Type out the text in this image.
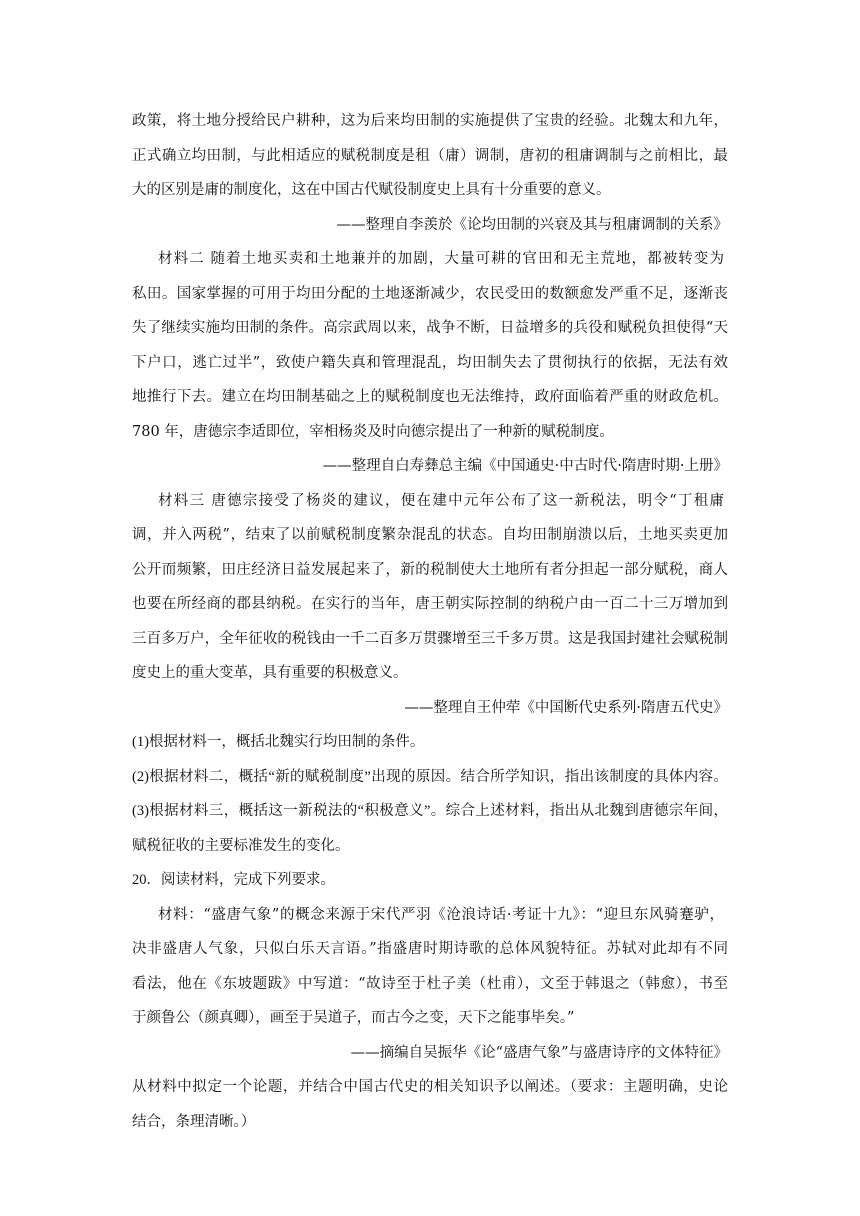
政策，将土地分授给民户耕种，这为后来均田制的实施提供了宝贵的经验。北魏太和九年，
正式确立均田制，与此相适应的赋税制度是租（庸）调制，唐初的租庸调制与之前相比，最
大的区别是庸的制度化，这在中国古代赋役制度史上具有十分重要的意义。
——整理自李羡於《论均田制的兴衰及其与租庸调制的关系》
材料二 随着土地买卖和土地兼并的加剧，大量可耕的官田和无主荒地，都被转变为
私田。国家掌握的可用于均田分配的土地逐渐减少，农民受田的数额愈发严重不足，逐渐丧
失了继续实施均田制的条件。高宗武周以来，战争不断，日益增多的兵役和赋税负担使得“天
下户口，逃亡过半”，致使户籍失真和管理混乱，均田制失去了贯彻执行的依据，无法有效
地推行下去。建立在均田制基础之上的赋税制度也无法维持，政府面临着严重的财政危机。
780 年，唐德宗李适即位，宰相杨炎及时向德宗提出了一种新的赋税制度。
——整理自白寿彝总主编《中国通史·中古时代·隋唐时期·上册》
材料三 唐德宗接受了杨炎的建议，便在建中元年公布了这一新税法，明令“丁租庸
调，并入两税”，结束了以前赋税制度繁杂混乱的状态。自均田制崩溃以后，土地买卖更加
公开而频繁，田庄经济日益发展起来了，新的税制使大土地所有者分担起一部分赋税，商人
也要在所经商的郡县纳税。在实行的当年，唐王朝实际控制的纳税户由一百二十三万增加到
三百多万户，全年征收的税钱由一千二百多万贯骤增至三千多万贯。这是我国封建社会赋税制
度史上的重大变革，具有重要的积极意义。
——整理自王仲荦《中国断代史系列·隋唐五代史》
(1)根据材料一，概括北魏实行均田制的条件。
(2)根据材料二，概括“新的赋税制度”出现的原因。结合所学知识，指出该制度的具体内容。
(3)根据材料三，概括这一新税法的“积极意义”。综合上述材料，指出从北魏到唐德宗年间，
赋税征收的主要标准发生的变化。
20．阅读材料，完成下列要求。
材料：“盛唐气象”的概念来源于宋代严羽《沧浪诗话·考证十九》：“迎旦东风骑蹇驴，
决非盛唐人气象，只似白乐天言语。”指盛唐时期诗歌的总体风貌特征。苏轼对此却有不同
看法，他在《东坡题跋》中写道：“故诗至于杜子美（杜甫），文至于韩退之（韩愈），书至
于颜鲁公（颜真卿），画至于吴道子，而古今之变，天下之能事毕矣。”
——摘编自吴振华《论“盛唐气象”与盛唐诗序的文体特征》
从材料中拟定一个论题，并结合中国古代史的相关知识予以阐述。（要求：主题明确，史论
结合，条理清晰。）
